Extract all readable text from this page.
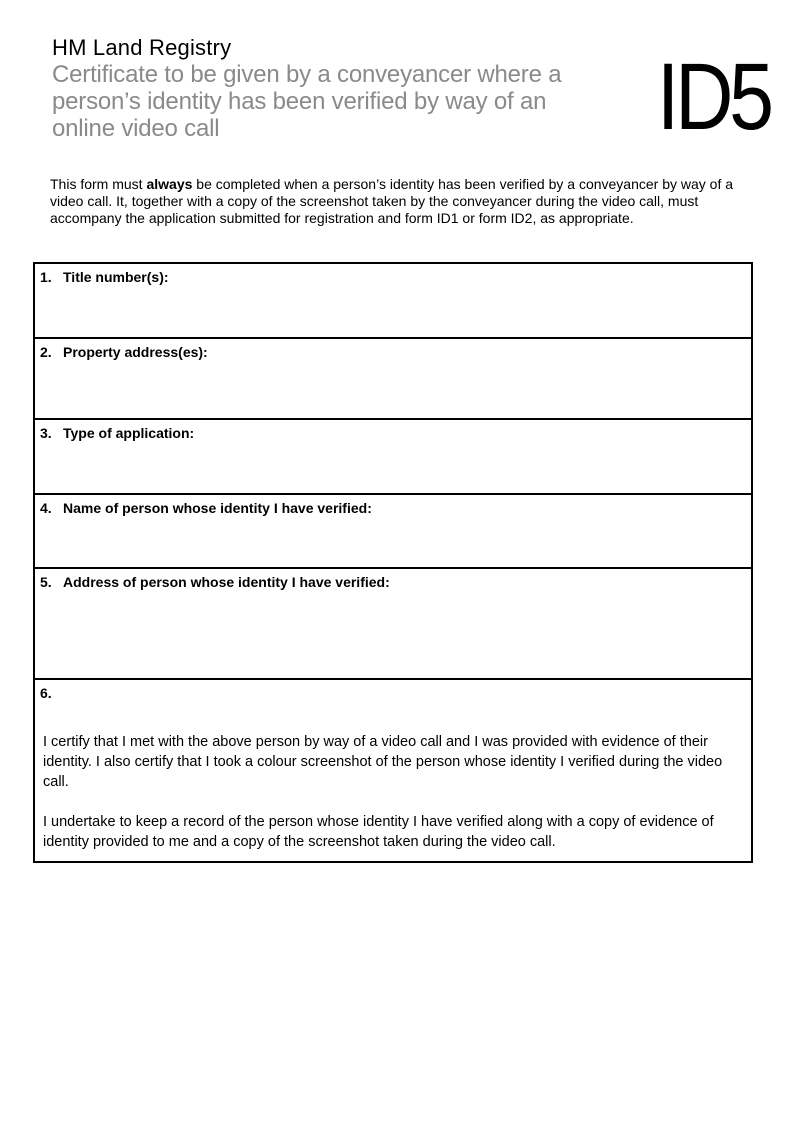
HM Land Registry
Certificate to be given by a conveyancer where a
person’s identity has been verified by way of an
online video call	ID5

This form must always be completed when a person’s identity has been verified by a conveyancer by way of a video call. It, together with a copy of the screenshot taken by the conveyancer during the video call, must accompany the application submitted for registration and form ID1 or form ID2, as appropriate.

1. Title number(s):
2. Property address(es):
3. Type of application:
4. Name of person whose identity I have verified:
5. Address of person whose identity I have verified:
6.

I certify that I met with the above person by way of a video call and I was provided with evidence of their identity. I also certify that I took a colour screenshot of the person whose identity I verified during the video call.

I undertake to keep a record of the person whose identity I have verified along with a copy of evidence of identity provided to me and a copy of the screenshot taken during the video call.
